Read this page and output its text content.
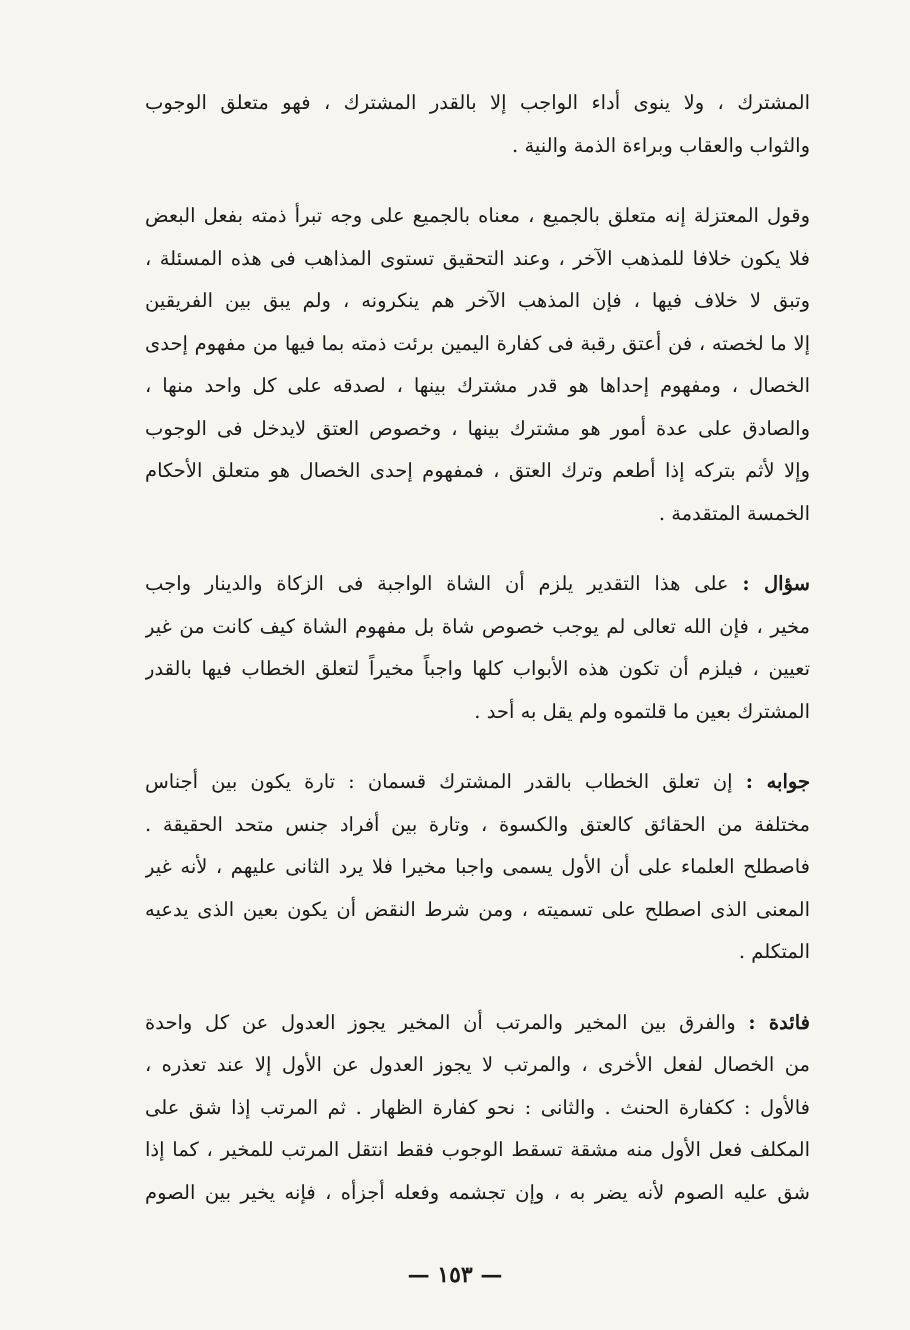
المشترك ، ولا ينوى أداء الواجب إلا بالقدر المشترك ، فهو متعلق الوجوب
والثواب والعقاب وبراءة الذمة والنية .

وقول المعتزلة إنه متعلق بالجميع ، معناه بالجميع على وجه تبرأ ذمته بفعل البعض
فلا يكون خلافا للمذهب الآخر ، وعند التحقيق تستوى المذاهب فى هذه المسئلة ،
وتبق لا خلاف فيها ، فإن المذهب الآخر هم ينكرونه ، ولم يبق بين الفريقين
إلا ما لخصته ، فن أعتق رقبة فى كفارة اليمين برئت ذمته بما فيها من مفهوم إحدى
الخصال ، ومفهوم إحداها هو قدر مشترك بينها ، لصدقه على كل واحد منها ،
والصادق على عدة أمور هو مشترك بينها ، وخصوص العتق لايدخل فى الوجوب
وإلا لأثم بتركه إذا أطعم وترك العتق ، فمفهوم إحدى الخصال هو متعلق الأحكام
الخمسة المتقدمة .

سؤال : على هذا التقدير يلزم أن الشاة الواجبة فى الزكاة والدينار واجب
مخير ، فإن الله تعالى لم يوجب خصوص شاة بل مفهوم الشاة كيف كانت من غير
تعيين ، فيلزم أن تكون هذه الأبواب كلها واجباً مخيراً لتعلق الخطاب فيها بالقدر
المشترك بعين ما قلتموه ولم يقل به أحد .

جوابه : إن تعلق الخطاب بالقدر المشترك قسمان : تارة يكون بين أجناس
مختلفة من الحقائق كالعتق والكسوة ، وتارة بين أفراد جنس متحد الحقيقة .
فاصطلح العلماء على أن الأول يسمى واجبا مخيرا فلا يرد الثانى عليهم ، لأنه غير
المعنى الذى اصطلح على تسميته ، ومن شرط النقض أن يكون بعين الذى يدعيه
المتكلم .

فائدة : والفرق بين المخير والمرتب أن المخير يجوز العدول عن كل واحدة
من الخصال لفعل الأخرى ، والمرتب لا يجوز العدول عن الأول إلا عند تعذره ،
فالأول : ككفارة الحنث . والثانى : نحو كفارة الظهار . ثم المرتب إذا شق على
المكلف فعل الأول منه مشقة تسقط الوجوب فقط انتقل المرتب للمخير ، كما إذا
شق عليه الصوم لأنه يضر به ، وإن تجشمه وفعله أجزأه ، فإنه يخير بين الصوم

— ١٥٣ —
